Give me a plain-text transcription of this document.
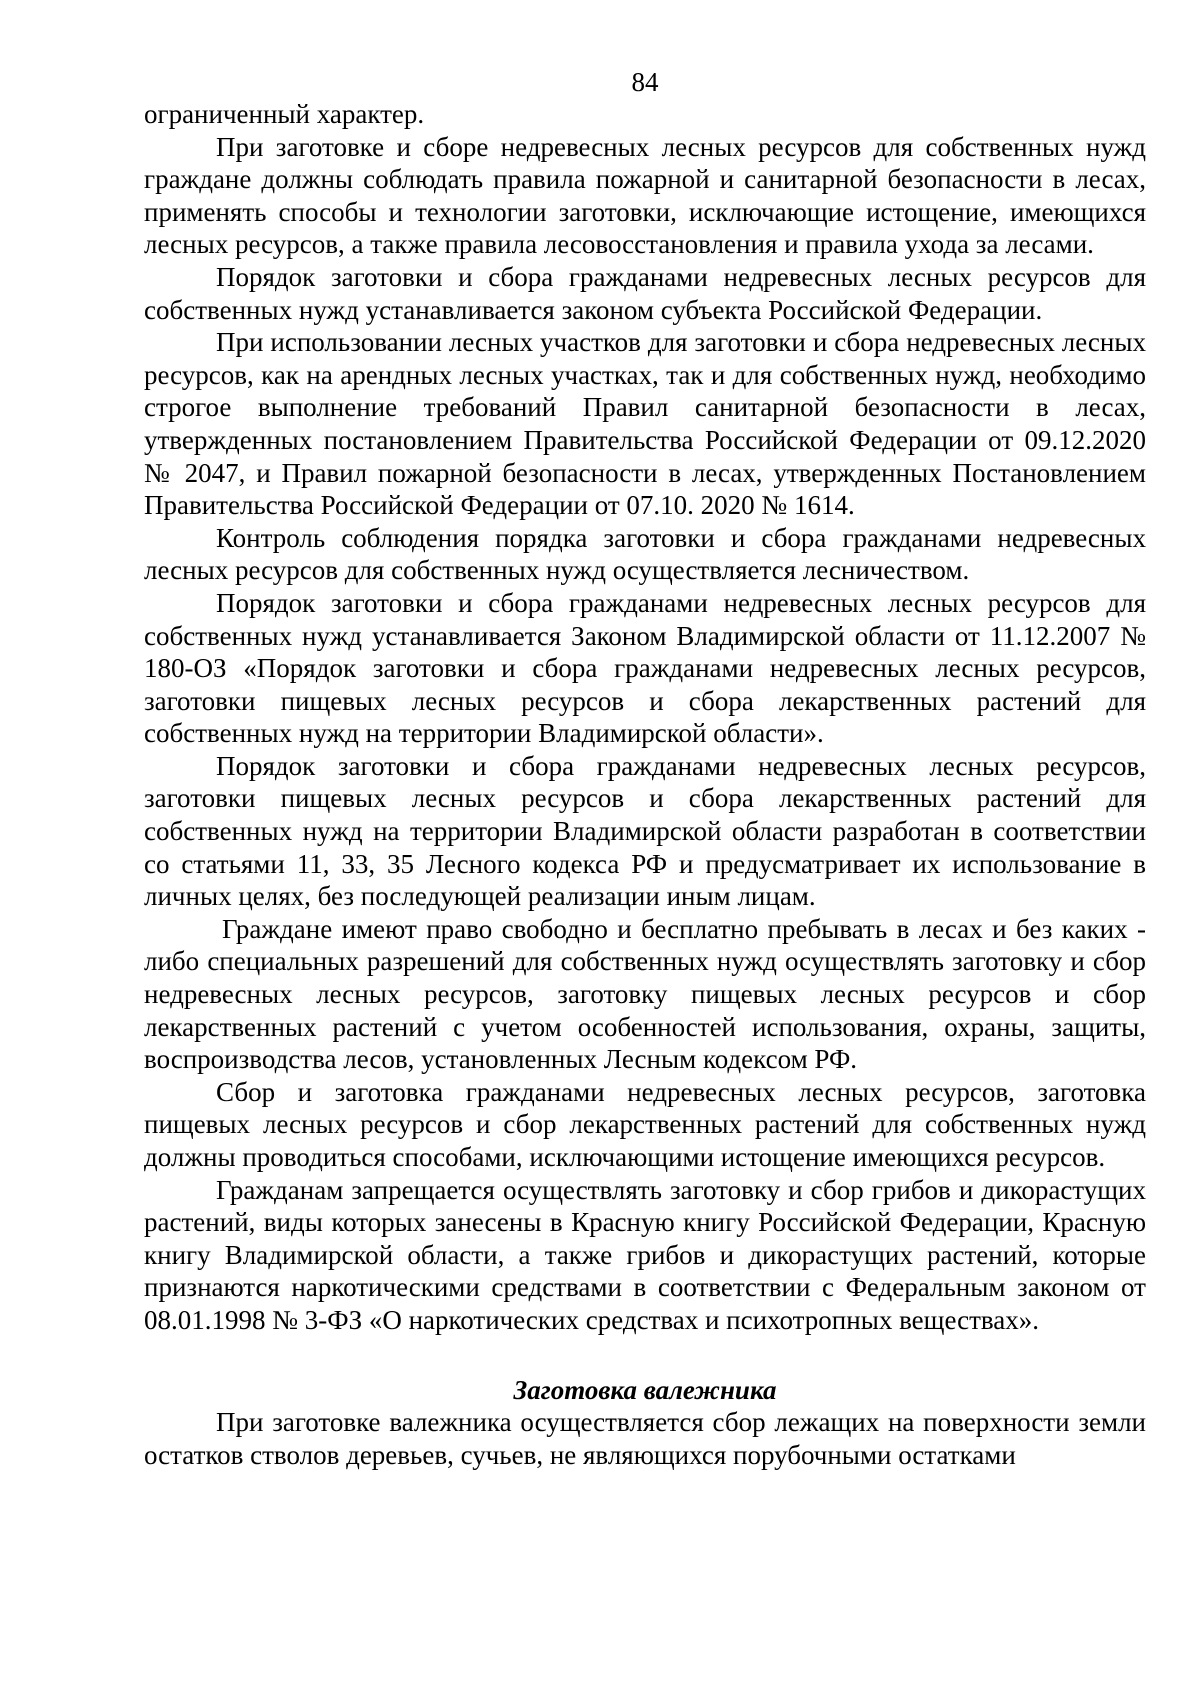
84

ограниченный характер.

При заготовке и сборе недревесных лесных ресурсов для собственных нужд граждане должны соблюдать правила пожарной и санитарной безопасности в лесах, применять способы и технологии заготовки, исключающие истощение, имеющихся лесных ресурсов, а также правила лесовосстановления и правила ухода за лесами.

Порядок заготовки и сбора гражданами недревесных лесных ресурсов для собственных нужд устанавливается законом субъекта Российской Федерации.

При использовании лесных участков для заготовки и сбора недревесных лесных ресурсов, как на арендных лесных участках, так и для собственных нужд, необходимо строгое выполнение требований Правил санитарной безопасности в лесах, утвержденных постановлением Правительства Российской Федерации от 09.12.2020 № 2047, и Правил пожарной безопасности в лесах, утвержденных Постановлением Правительства Российской Федерации от 07.10. 2020 № 1614.

Контроль соблюдения порядка заготовки и сбора гражданами недревесных лесных ресурсов для собственных нужд осуществляется лесничеством.

Порядок заготовки и сбора гражданами недревесных лесных ресурсов для собственных нужд устанавливается Законом Владимирской области от 11.12.2007 № 180-ОЗ «Порядок заготовки и сбора гражданами недревесных лесных ресурсов, заготовки пищевых лесных ресурсов и сбора лекарственных растений для собственных нужд на территории Владимирской области».

Порядок заготовки и сбора гражданами недревесных лесных ресурсов, заготовки пищевых лесных ресурсов и сбора лекарственных растений для собственных нужд на территории Владимирской области разработан в соответствии со статьями 11, 33, 35 Лесного кодекса РФ и предусматривает их использование в личных целях, без последующей реализации иным лицам.

Граждане имеют право свободно и бесплатно пребывать в лесах и без каких - либо специальных разрешений для собственных нужд осуществлять заготовку и сбор недревесных лесных ресурсов, заготовку пищевых лесных ресурсов и сбор лекарственных растений с учетом особенностей использования, охраны, защиты, воспроизводства лесов, установленных Лесным кодексом РФ.

Сбор и заготовка гражданами недревесных лесных ресурсов, заготовка пищевых лесных ресурсов и сбор лекарственных растений для собственных нужд должны проводиться способами, исключающими истощение имеющихся ресурсов.

Гражданам запрещается осуществлять заготовку и сбор грибов и дикорастущих растений, виды которых занесены в Красную книгу Российской Федерации, Красную книгу Владимирской области, а также грибов и дикорастущих растений, которые признаются наркотическими средствами в соответствии с Федеральным законом от 08.01.1998 № 3-ФЗ «О наркотических средствах и психотропных веществах».

Заготовка валежника

При заготовке валежника осуществляется сбор лежащих на поверхности земли остатков стволов деревьев, сучьев, не являющихся порубочными остатками
